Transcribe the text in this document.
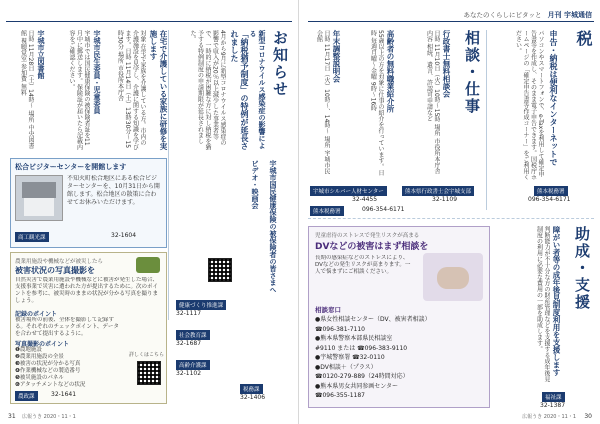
お知らせ
新型コロナウイルス感染症の影響による
「納税猶予制度」の特例が延長されました
4月から9月に新型コロナウイルス感染症の影響で収入が20％以上減少した事業者等で、一時的に納税が困難な方に対し納税を猶予する特例制度の申請期限が延長されました。
在宅で介護している家族に研修を実施します
対象 在宅で家族を介護している方。市内の介護施設を見学し、介護に関する知識を学びます。日時 11月14日（土）13時30分〜15時30分 場所 市役所本庁舎
宇城市民生委員・児童委員
宇城市では国民健康保険の被保険者証を11月中に郵送します。保険証が届いたら記載内容をご確認ください。
宇城市立図書館
日時 11月28日（土）14時〜 場所 中央図書館 視聴覚室 参加費 無料
松合ビジターセンターを開館します
不知火町松合地区にある松合ビジターセンターを、10月31日から開館します。松合地区の散策に合わせてお休みいただけます。
商工観光課	32-1604
農業用施設や機械などが被災したら
被害状況の写真撮影を
自然災害で農業用施設や機械などに被害が発生した場合、支援事業で災害に遭われた方が提出するために。次のポイントを参考に、被災時のままの状況が分かる写真を撮りましょう。
記録のポイント
被害場所の前後、全体を撮影して記録する。それぞれのチェックポイント、データを合わせて提出するように。
写真撮影のポイント
❶農地施設
❷農業用施設の全景
❸被害の状況が分かる写真
❹作業機械などの製造番号
❺被災施設のパネル
❻アタッチメントなどの状況
詳しくはこちら
農政課	32-1641
健康づくり推進課
32-1117
社会教育課
32-1687
高齢介護課
32-1102
宇城市国民健康保険の被保険者の皆さまへ
ビデオ・映画会
税務課
32-1406
31 広報うき 2020・11・1
あなたのくらしにピタッと 月刊 宇城通信
税
申告・納税は便利なインターネットで
パソコンやスマートフォンで、e-Taxを利用して確定申告書等を作成し、そのまま電子申告できます。国税庁ホームページの「確定申告書等作成コーナー」をご利用ください。
熊本税務署
096-354-6171
相談・仕事
行政書士無料相談会
日時 11月10日（火）10時〜15時 場所 市役所本庁舎 内容 相続、遺言、許認可申請など
高齢者の無料職業紹介所
55歳以上の方を対象に仕事の紹介を行っています。日時 毎週月曜〜金曜 9時〜16時
年末調整説明会
日時 11月17日（火）10時〜、14時〜 場所 宇城市民会館
熊本県行政書士会宇城支部
32-1109
宇城市シルバー人材センター
32-4455
熊本税務署	096-354-6171
助成・支援
障がい者等の成年後見制度利用を支援します
判断能力が不十分な方の財産管理などを支援する成年後見制度の利用に必要な費用の一部を助成します。
福祉課
32-1387
児童虐待のストレスで発生リスクが高まる
DVなどの被害はまず相談を
長期の感染症などのストレスにより、DVなどの発生リスクが高まります。一人で悩まずにご相談ください。
相談窓口
●県女性相談センター（DV、被害者相談）
☎096-381-7110
●熊本県警察本部県民相談室
#9110 または ☎096-383-9110
●宇城警察署 ☎32-0110
●DV相談＋（プラス）
☎0120-279-889（24時間対応）
●熊本県男女共同参画センター
☎096-355-1187
30
広報うき 2020・11・1
